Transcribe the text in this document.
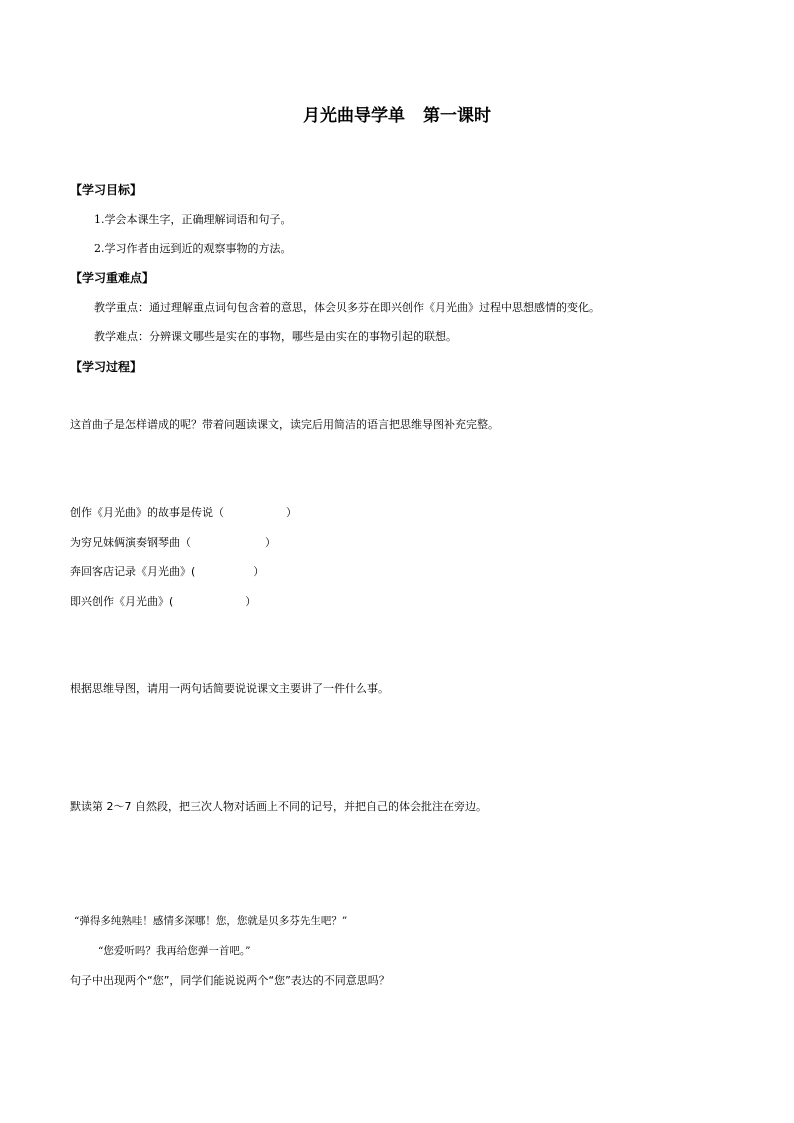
月光曲导学单 第一课时
【学习目标】
1.学会本课生字，正确理解词语和句子。
2.学习作者由远到近的观察事物的方法。
【学习重难点】
教学重点：通过理解重点词句包含着的意思，体会贝多芬在即兴创作《月光曲》过程中思想感情的变化。
教学难点：分辨课文哪些是实在的事物，哪些是由实在的事物引起的联想。
【学习过程】
这首曲子是怎样谱成的呢？带着问题读课文，读完后用简洁的语言把思维导图补充完整。
创作《月光曲》的故事是传说（	）
为穷兄妹俩演奏钢琴曲（	）
奔回客店记录《月光曲》(	）
即兴创作《月光曲》(	）
根据思维导图，请用一两句话简要说说课文主要讲了一件什么事。
默读第 2～7 自然段，把三次人物对话画上不同的记号，并把自己的体会批注在旁边。
“弹得多纯熟哇！感情多深哪！您，您就是贝多芬先生吧？”
“您爱听吗？我再给您弹一首吧。”
句子中出现两个“您”，同学们能说说两个“您”表达的不同意思吗？
